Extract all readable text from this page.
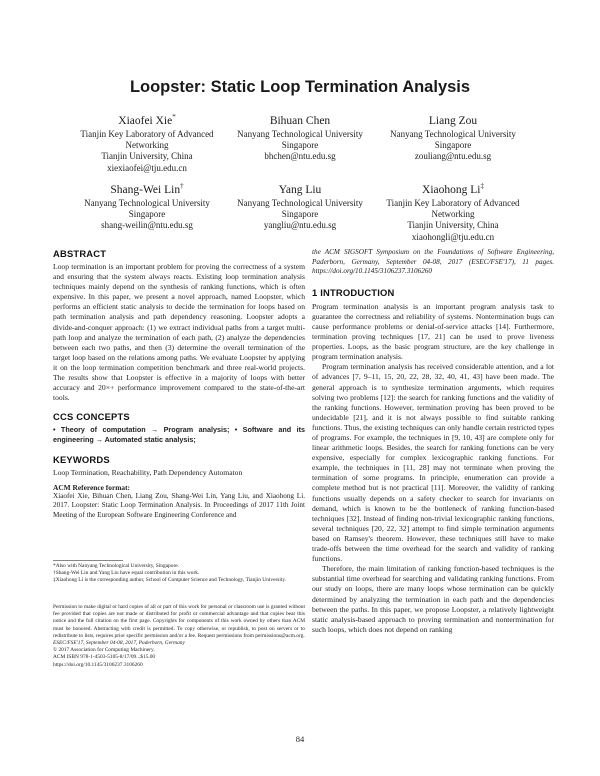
Loopster: Static Loop Termination Analysis
Xiaofei Xie*
Tianjin Key Laboratory of Advanced
Networking
Tianjin University, China
xiexiaofei@tju.edu.cn
Bihuan Chen
Nanyang Technological University
Singapore
bhchen@ntu.edu.sg
Liang Zou
Nanyang Technological University
Singapore
zouliang@ntu.edu.sg
Shang-Wei Lin†
Nanyang Technological University
Singapore
shang-weilin@ntu.edu.sg
Yang Liu
Nanyang Technological University
Singapore
yangliu@ntu.edu.sg
Xiaohong Li‡
Tianjin Key Laboratory of Advanced
Networking
Tianjin University, China
xiaohongli@tju.edu.cn
ABSTRACT

Loop termination is an important problem for proving the correctness of a system and ensuring that the system always reacts. Existing loop termination analysis techniques mainly depend on the synthesis of ranking functions, which is often expensive. In this paper, we present a novel approach, named Loopster, which performs an efficient static analysis to decide the termination for loops based on path termination analysis and path dependency reasoning. Loopster adopts a divide-and-conquer approach: (1) we extract individual paths from a target multi-path loop and analyze the termination of each path, (2) analyze the dependencies between each two paths, and then (3) determine the overall termination of the target loop based on the relations among paths. We evaluate Loopster by applying it on the loop termination competition benchmark and three real-world projects. The results show that Loopster is effective in a majority of loops with better accuracy and 20×+ performance improvement compared to the state-of-the-art tools.

CCS CONCEPTS

• Theory of computation → Program analysis; • Software and its engineering → Automated static analysis;

KEYWORDS

Loop Termination, Reachability, Path Dependency Automaton

ACM Reference format:

Xiaofei Xie, Bihuan Chen, Liang Zou, Shang-Wei Lin, Yang Liu, and Xiaohong Li. 2017. Loopster: Static Loop Termination Analysis. In Proceedings of 2017 11th Joint Meeting of the European Software Engineering Conference and

*Also with Nanyang Technological University, Singapore.

†Shang-Wei Lin and Yang Liu have equal contribution in this work.

‡Xiaohong Li is the corresponding author, School of Computer Science and Technology, Tianjin University.

Permission to make digital or hard copies of all or part of this work for personal or classroom use is granted without fee provided that copies are not made or distributed for profit or commercial advantage and that copies bear this notice and the full citation on the first page. Copyrights for components of this work owned by others than ACM must be honored. Abstracting with credit is permitted. To copy otherwise, or republish, to post on servers or to redistribute to lists, requires prior specific permission and/or a fee. Request permissions from permissions@acm.org.

ESEC/FSE'17, September 04-08, 2017, Paderborn, Germany

© 2017 Association for Computing Machinery.

ACM ISBN 978-1-4503-5105-8/17/09...$15.00

https://doi.org/10.1145/3106237.3106260

the ACM SIGSOFT Symposium on the Foundations of Software Engineering, Paderborn, Germany, September 04-08, 2017 (ESEC/FSE'17), 11 pages. https://doi.org/10.1145/3106237.3106260

1 INTRODUCTION

Program termination analysis is an important program analysis task to guarantee the correctness and reliability of systems. Nontermination bugs can cause performance problems or denial-of-service attacks [14]. Furthermore, termination proving techniques [17, 21] can be used to prove liveness properties. Loops, as the basic program structure, are the key challenge in program termination analysis.

Program termination analysis has received considerable attention, and a lot of advances [7, 9–11, 15, 20, 22, 28, 32, 40, 41, 43] have been made. The general approach is to synthesize termination arguments, which requires solving two problems [12]: the search for ranking functions and the validity of the ranking functions. However, termination proving has been proved to be undecidable [21], and it is not always possible to find suitable ranking functions. Thus, the existing techniques can only handle certain restricted types of programs. For example, the techniques in [9, 10, 43] are complete only for linear arithmetic loops. Besides, the search for ranking functions can be very expensive, especially for complex lexicographic ranking functions. For example, the techniques in [11, 28] may not terminate when proving the termination of some programs. In principle, enumeration can provide a complete method but is not practical [11]. Moreover, the validity of ranking functions usually depends on a safety checker to search for invariants on demand, which is known to be the bottleneck of ranking function-based techniques [32]. Instead of finding non-trivial lexicographic ranking functions, several techniques [20, 22, 32] attempt to find simple termination arguments based on Ramsey's theorem. However, these techniques still have to make trade-offs between the time overhead for the search and validity of ranking functions.

Therefore, the main limitation of ranking function-based techniques is the substantial time overhead for searching and validating ranking functions. From our study on loops, there are many loops whose termination can be quickly determined by analyzing the termination in each path and the dependencies between the paths. In this paper, we propose Loopster, a relatively lightweight static analysis-based approach to proving termination and nontermination for such loops, which does not depend on ranking

84
